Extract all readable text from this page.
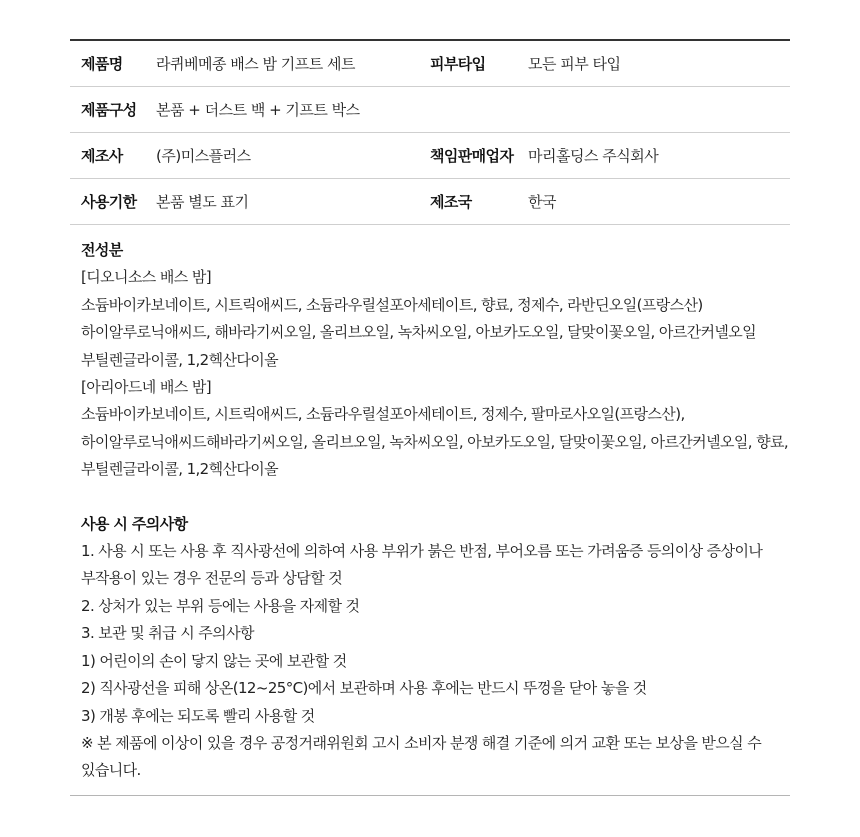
제품명	라퀴베메종 배스 밤 기프트 세트	피부타입	모든 피부 타입
제품구성	본품 + 더스트 백 + 기프트 박스		
제조사	(주)미스플러스	책임판매업자	마리홀딩스 주식회사
사용기한	본품 별도 표기	제조국	한국
전성분
[디오니소스 배스 밤]
소듐바이카보네이트, 시트릭애씨드, 소듐라우릴설포아세테이트, 향료, 정제수, 라반딘오일(프랑스산)
하이알루로닉애씨드, 해바라기씨오일, 올리브오일, 녹차씨오일, 아보카도오일, 달맞이꽃오일, 아르간커넬오일
부틸렌글라이콜, 1,2헥산다이올
[아리아드네 배스 밤]
소듐바이카보네이트, 시트릭애씨드, 소듐라우릴설포아세테이트, 정제수, 팔마로사오일(프랑스산),
하이알루로닉애씨드해바라기씨오일, 올리브오일, 녹차씨오일, 아보카도오일, 달맞이꽃오일, 아르간커넬오일, 향료,
부틸렌글라이콜, 1,2헥산다이올
사용 시 주의사항
1. 사용 시 또는 사용 후 직사광선에 의하여 사용 부위가 붉은 반점, 부어오름 또는 가려움증 등의이상 증상이나
부작용이 있는 경우 전문의 등과 상담할 것
2. 상처가 있는 부위 등에는 사용을 자제할 것
3. 보관 및 취급 시 주의사항
1) 어린이의 손이 닿지 않는 곳에 보관할 것
2) 직사광선을 피해 상온(12~25°C)에서 보관하며 사용 후에는 반드시 뚜껑을 닫아 놓을 것
3) 개봉 후에는 되도록 빨리 사용할 것
※ 본 제품에 이상이 있을 경우 공정거래위원회 고시 소비자 분쟁 해결 기준에 의거 교환 또는 보상을 받으실 수
있습니다.
